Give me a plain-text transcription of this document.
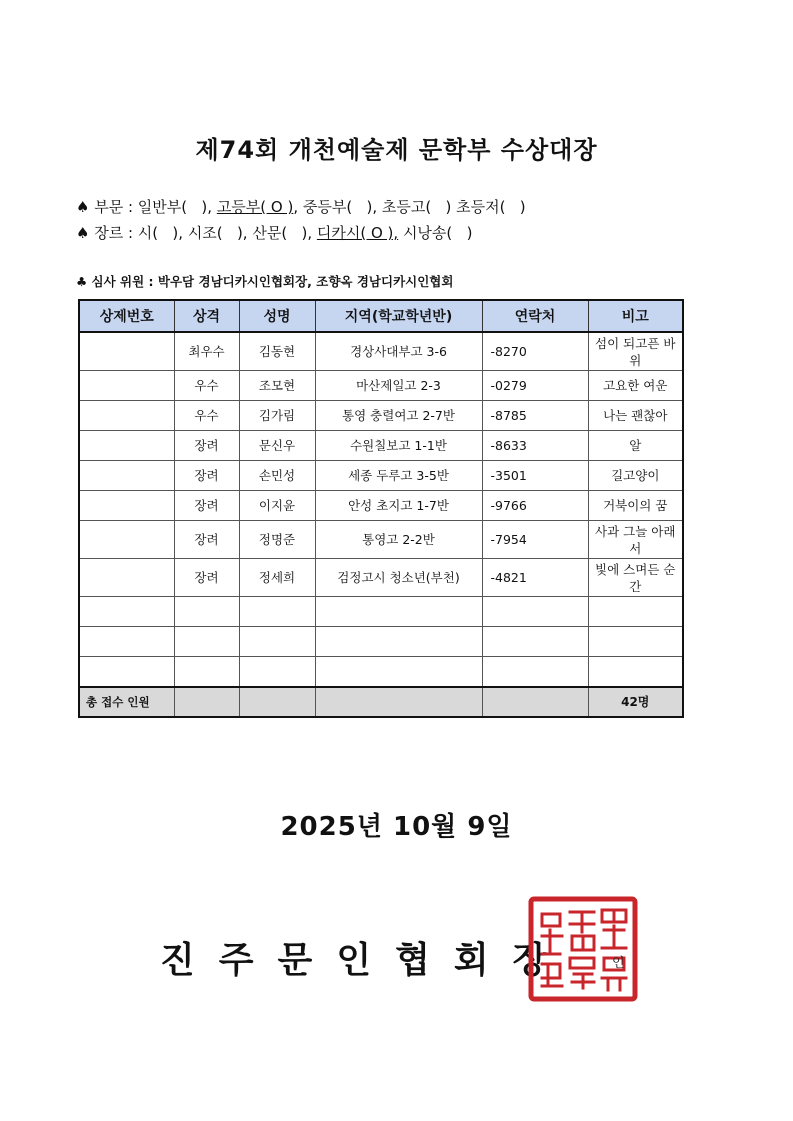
제74회 개천예술제 문학부 수상대장
♠ 부문 : 일반부(   ), 고등부( O ), 중등부(   ), 초등고(   ) 초등저(   )
♠ 장르 : 시(   ), 시조(   ), 산문(   ), 디카시( O ), 시낭송(   )
♣ 심사 위원 : 박우담 경남디카시인협회장, 조향옥 경남디카시인협회
상제번호	상격	성명	지역(학교학년반)	연락처	비고
	최우수	김동현	경상사대부고 3-6	-8270	섬이 되고픈 바위
	우수	조모현	마산제일고 2-3	-0279	고요한 여운
	우수	김가림	통영 충렬여고 2-7반	-8785	나는 괜찮아
	장려	문신우	수원칠보고 1-1반	-8633	알
	장려	손민성	세종 두루고 3-5반	-3501	길고양이
	장려	이지윤	안성 초지고 1-7반	-9766	거북이의 꿈
	장려	정명준	통영고 2-2반	-7954	사과 그늘 아래서
	장려	정세희	검정고시 청소년(부천)	-4821	빛에 스며든 순간

총 접수 인원					42명
2025년 10월 9일
진주문인협회장	인
